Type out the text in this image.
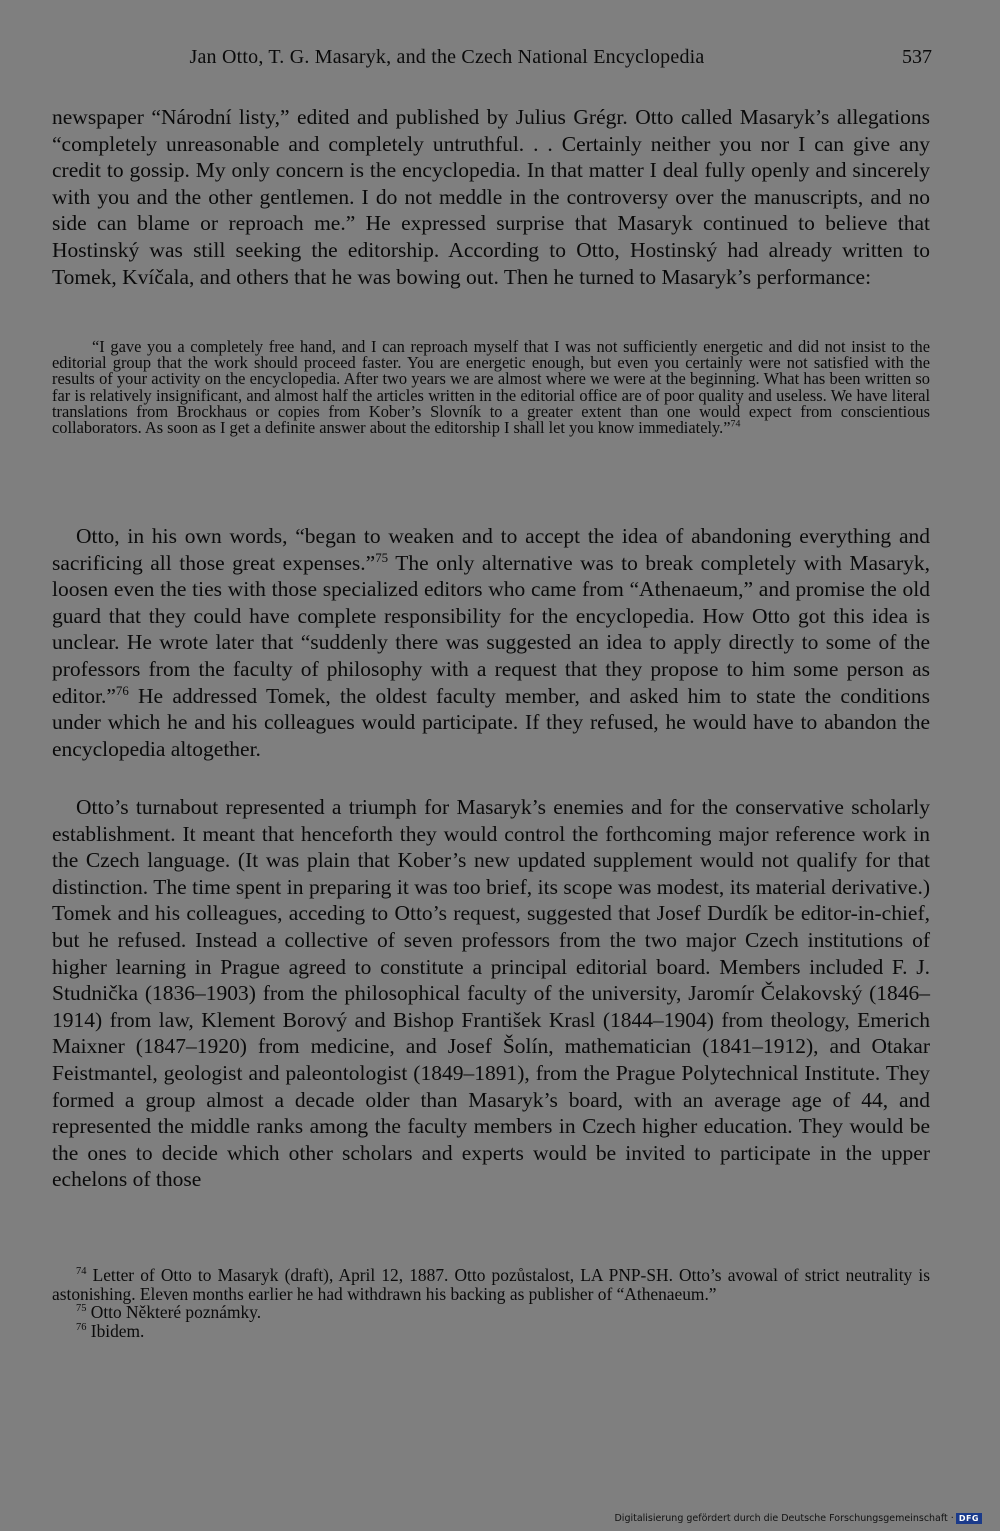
Jan Otto, T. G. Masaryk, and the Czech National Encyclopedia	537

newspaper “Národní listy,” edited and published by Julius Grégr. Otto called Masaryk’s allegations “completely unreasonable and completely untruthful. . . Certainly neither you nor I can give any credit to gossip. My only concern is the encyclopedia. In that matter I deal fully openly and sincerely with you and the other gentlemen. I do not meddle in the controversy over the manuscripts, and no side can blame or reproach me.” He expressed surprise that Masaryk continued to believe that Hostinský was still seeking the editorship. According to Otto, Hostinský had already written to Tomek, Kvíčala, and others that he was bowing out. Then he turned to Masaryk’s performance:

“I gave you a completely free hand, and I can reproach myself that I was not sufficiently energetic and did not insist to the editorial group that the work should proceed faster. You are energetic enough, but even you certainly were not satisfied with the results of your activity on the encyclopedia. After two years we are almost where we were at the beginning. What has been written so far is relatively insignificant, and almost half the articles written in the editorial office are of poor quality and useless. We have literal translations from Brockhaus or copies from Kober’s Slovník to a greater extent than one would expect from conscientious collaborators. As soon as I get a definite answer about the editorship I shall let you know immediately.”$^{74}$

Otto, in his own words, “began to weaken and to accept the idea of abandoning everything and sacrificing all those great expenses.”$^{75}$ The only alternative was to break completely with Masaryk, loosen even the ties with those specialized editors who came from “Athenaeum,” and promise the old guard that they could have complete responsibility for the encyclopedia. How Otto got this idea is unclear. He wrote later that “suddenly there was suggested an idea to apply directly to some of the professors from the faculty of philosophy with a request that they propose to him some person as editor.”$^{76}$ He addressed Tomek, the oldest faculty member, and asked him to state the conditions under which he and his colleagues would participate. If they refused, he would have to abandon the encyclopedia altogether.

Otto’s turnabout represented a triumph for Masaryk’s enemies and for the conservative scholarly establishment. It meant that henceforth they would control the forthcoming major reference work in the Czech language. (It was plain that Kober’s new updated supplement would not qualify for that distinction. The time spent in preparing it was too brief, its scope was modest, its material derivative.) Tomek and his colleagues, acceding to Otto’s request, suggested that Josef Durdík be editor-in-chief, but he refused. Instead a collective of seven professors from the two major Czech institutions of higher learning in Prague agreed to constitute a principal editorial board. Members included F. J. Studnička (1836–1903) from the philosophical faculty of the university, Jaromír Čelakovský (1846–1914) from law, Klement Borový and Bishop František Krasl (1844–1904) from theology, Emerich Maixner (1847–1920) from medicine, and Josef Šolín, mathematician (1841–1912), and Otakar Feistmantel, geologist and paleontologist (1849–1891), from the Prague Polytechnical Institute. They formed a group almost a decade older than Masaryk’s board, with an average age of 44, and represented the middle ranks among the faculty members in Czech higher education. They would be the ones to decide which other scholars and experts would be invited to participate in the upper echelons of those

$^{74}$ Letter of Otto to Masaryk (draft), April 12, 1887. Otto pozůstalost, LA PNP-SH. Otto’s avowal of strict neutrality is astonishing. Eleven months earlier he had withdrawn his backing as publisher of “Athenaeum.”

$^{75}$ Otto Některé poznámky.

$^{76}$ Ibidem.

Digitalisierung gefördert durch die Deutsche Forschungsgemeinschaft · DFG
